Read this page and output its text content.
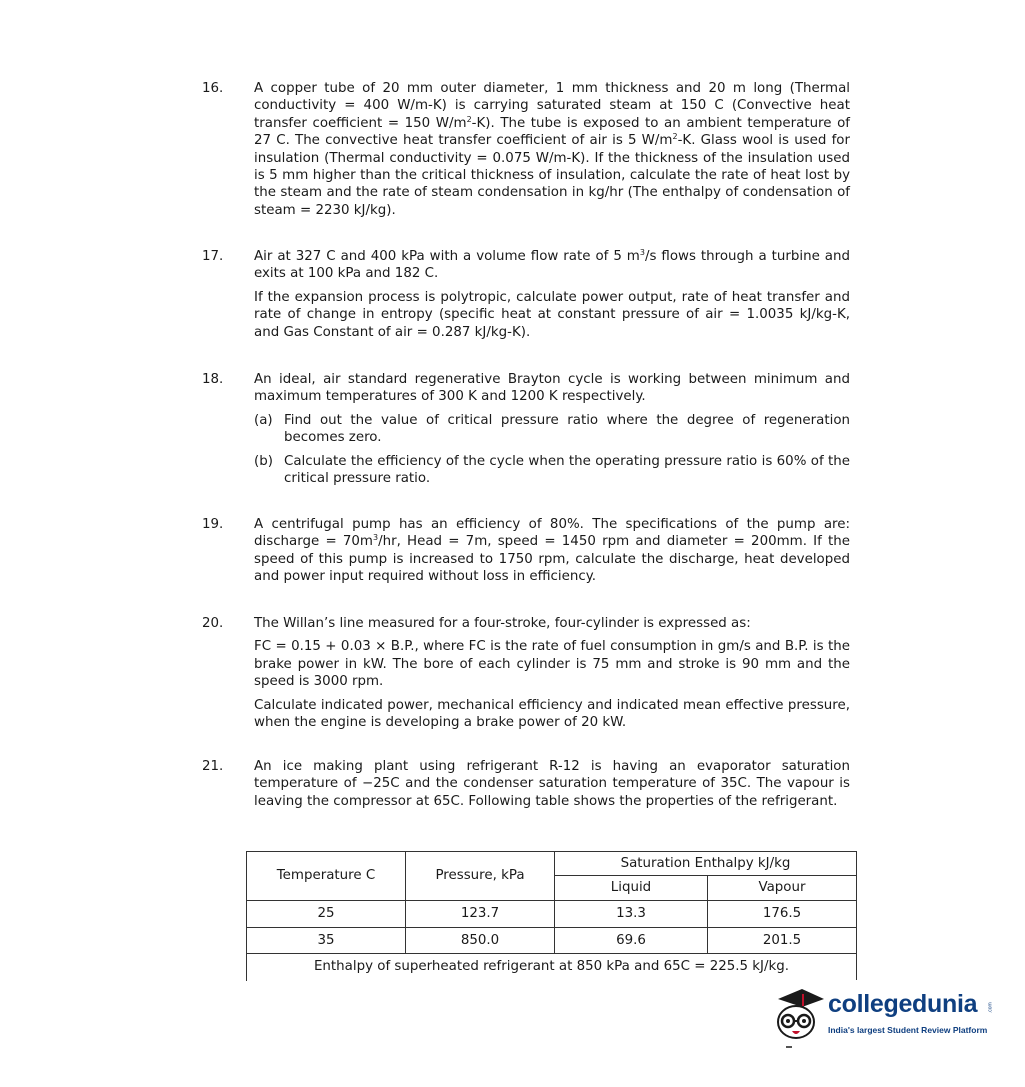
16. A copper tube of 20 mm outer diameter, 1 mm thickness and 20 m long (Thermal conductivity = 400 W/m-K) is carrying saturated steam at 150 C (Convective heat transfer coefficient = 150 $W/m^2-K$). The tube is exposed to an ambient temperature of 27 C. The convective heat transfer coefficient of air is 5 $W/m^2-K$. Glass wool is used for insulation (Thermal conductivity = 0.075 W/m-K). If the thickness of the insulation used is 5 mm higher than the critical thickness of insulation, calculate the rate of heat lost by the steam and the rate of steam condensation in kg/hr (The enthalpy of condensation of steam = 2230 kJ/kg).

17. Air at 327 C and 400 kPa with a volume flow rate of 5 $m^3/s$ flows through a turbine and exits at 100 kPa and 182 C.

If the expansion process is polytropic, calculate power output, rate of heat transfer and rate of change in entropy (specific heat at constant pressure of air = 1.0035 kJ/kg-K, and Gas Constant of air = 0.287 kJ/kg-K).

18. An ideal, air standard regenerative Brayton cycle is working between minimum and maximum temperatures of 300 K and 1200 K respectively.

(a) Find out the value of critical pressure ratio where the degree of regeneration becomes zero.
(b) Calculate the efficiency of the cycle when the operating pressure ratio is 60% of the critical pressure ratio.
19. A centrifugal pump has an efficiency of 80%. The specifications of the pump are: discharge = $70m^3/hr$, Head = 7m, speed = 1450 rpm and diameter = 200mm. If the speed of this pump is increased to 1750 rpm, calculate the discharge, heat developed and power input required without loss in efficiency.

20. The Willan’s line measured for a four-stroke, four-cylinder is expressed as:

FC = 0.15 + 0.03 × B.P., where FC is the rate of fuel consumption in gm/s and B.P. is the brake power in kW. The bore of each cylinder is 75 mm and stroke is 90 mm and the speed is 3000 rpm.

Calculate indicated power, mechanical efficiency and indicated mean effective pressure, when the engine is developing a brake power of 20 kW.

21. An ice making plant using refrigerant R-12 is having an evaporator saturation temperature of −25C and the condenser saturation temperature of 35C. The vapour is leaving the compressor at 65C. Following table shows the properties of the refrigerant.

Temperature C	Pressure, kPa	Saturation Enthalpy kJ/kg	
		Liquid	Vapour
25	123.7	13.3	176.5
35	850.0	69.6	201.5
Enthalpy of superheated refrigerant at 850 kPa and 65C = 225.5 kJ/kg.			
collegedunia	.com
India's largest Student Review Platform
